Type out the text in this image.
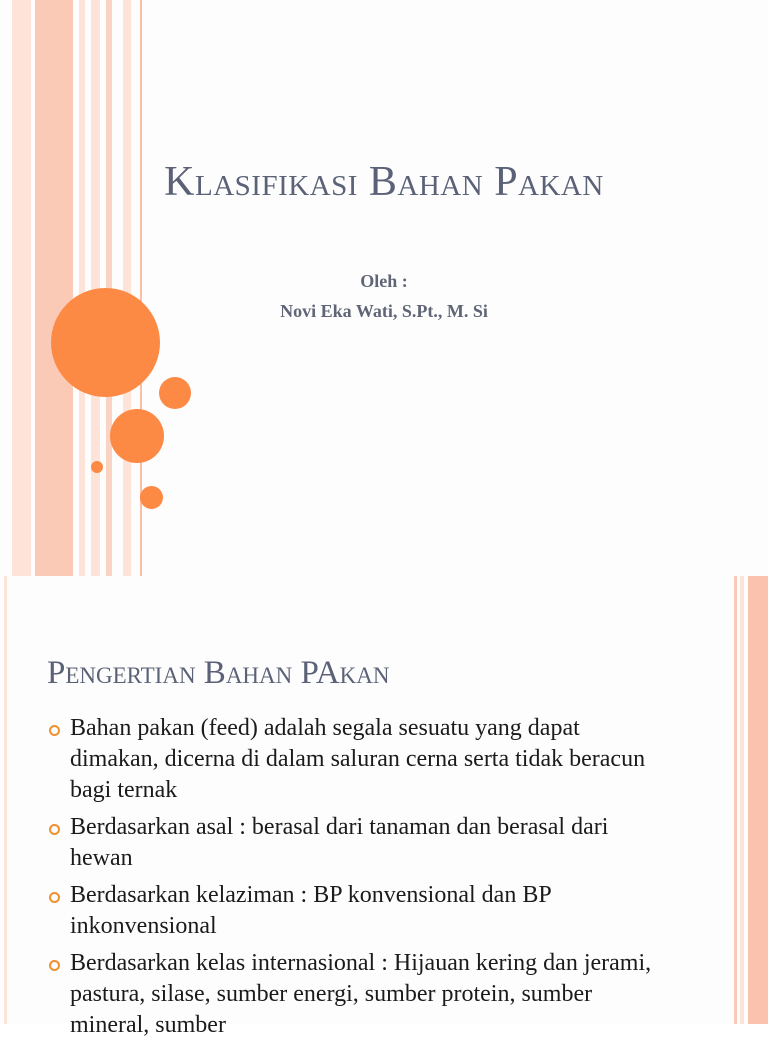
Klasifikasi Bahan Pakan
Oleh :
Novi Eka Wati, S.Pt., M. Si
Pengertian Bahan PAkan
Bahan pakan (feed) adalah segala sesuatu yang dapat dimakan, dicerna di dalam saluran cerna serta tidak beracun bagi ternak
Berdasarkan asal : berasal dari tanaman dan berasal dari hewan
Berdasarkan kelaziman : BP konvensional dan BP inkonvensional
Berdasarkan kelas internasional : Hijauan kering dan jerami, pastura, silase, sumber energi, sumber protein, sumber mineral, sumber
